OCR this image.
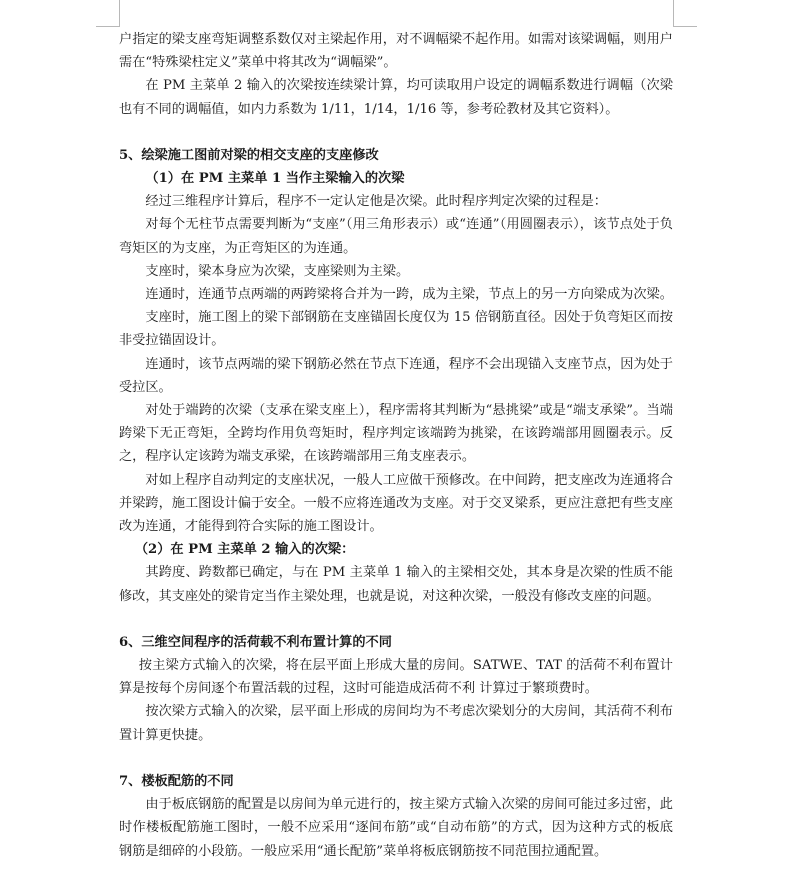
户指定的梁支座弯矩调整系数仅对主梁起作用，对不调幅梁不起作用。如需对该梁调幅，则用户需在“特殊梁柱定义”菜单中将其改为“调幅梁”。

在 PM 主菜单 2 输入的次梁按连续梁计算，均可读取用户设定的调幅系数进行调幅（次梁也有不同的调幅值，如内力系数为 1/11，1/14，1/16 等，参考砼教材及其它资料）。

5、绘梁施工图前对梁的相交支座的支座修改

（1）在 PM 主菜单 1 当作主梁输入的次梁

经过三维程序计算后，程序不一定认定他是次梁。此时程序判定次梁的过程是：

对每个无柱节点需要判断为“支座”（用三角形表示）或“连通”（用圆圈表示），该节点处于负弯矩区的为支座，为正弯矩区的为连通。

支座时，梁本身应为次梁，支座梁则为主梁。

连通时，连通节点两端的两跨梁将合并为一跨，成为主梁，节点上的另一方向梁成为次梁。

支座时，施工图上的梁下部钢筋在支座锚固长度仅为 15 倍钢筋直径。因处于负弯矩区而按非受拉锚固设计。

连通时，该节点两端的梁下钢筋必然在节点下连通，程序不会出现锚入支座节点，因为处于受拉区。

对处于端跨的次梁（支承在梁支座上），程序需将其判断为“悬挑梁”或是“端支承梁”。当端跨梁下无正弯矩，全跨均作用负弯矩时，程序判定该端跨为挑梁，在该跨端部用圆圈表示。反之，程序认定该跨为端支承梁，在该跨端部用三角支座表示。

对如上程序自动判定的支座状况，一般人工应做干预修改。在中间跨，把支座改为连通将合并梁跨，施工图设计偏于安全。一般不应将连通改为支座。对于交叉梁系，更应注意把有些支座改为连通，才能得到符合实际的施工图设计。

（2）在 PM 主菜单 2 输入的次梁：

其跨度、跨数都已确定，与在 PM 主菜单 1 输入的主梁相交处，其本身是次梁的性质不能修改，其支座处的梁肯定当作主梁处理，也就是说，对这种次梁，一般没有修改支座的问题。

6、三维空间程序的活荷载不利布置计算的不同

按主梁方式输入的次梁，将在层平面上形成大量的房间。SATWE、TAT 的活荷不利布置计算是按每个房间逐个布置活载的过程，这时可能造成活荷不利 计算过于繁琐费时。

按次梁方式输入的次梁，层平面上形成的房间均为不考虑次梁划分的大房间，其活荷不利布置计算更快捷。

7、楼板配筋的不同

由于板底钢筋的配置是以房间为单元进行的，按主梁方式输入次梁的房间可能过多过密，此时作楼板配筋施工图时，一般不应采用“逐间布筋”或“自动布筋”的方式，因为这种方式的板底钢筋是细碎的小段筋。一般应采用“通长配筋”菜单将板底钢筋按不同范围拉通配置。
